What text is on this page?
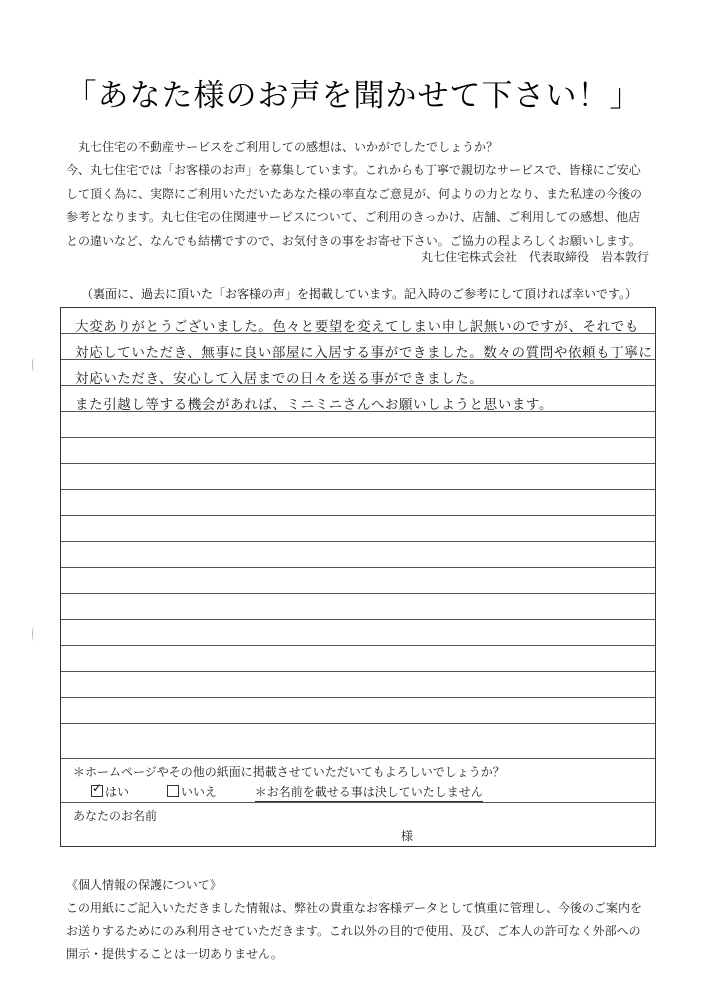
「あなた様のお声を聞かせて下さい！」

丸七住宅の不動産サービスをご利用しての感想は、いかがでしたでしょうか？

今、丸七住宅では「お客様のお声」を募集しています。これからも丁寧で親切なサービスで、皆様にご安心

して頂く為に、実際にご利用いただいたあなた様の率直なご意見が、何よりの力となり、また私達の今後の

参考となります。丸七住宅の住関連サービスについて、ご利用のきっかけ、店舗、ご利用しての感想、他店

との違いなど、なんでも結構ですので、お気付きの事をお寄せ下さい。ご協力の程よろしくお願いします。

丸七住宅株式会社　代表取締役　岩本敦行
（裏面に、過去に頂いた「お客様の声」を掲載しています。記入時のご参考にして頂ければ幸いです。）
大変ありがとうございました。色々と要望を変えてしまい申し訳無いのですが、それでも
対応していただき、無事に良い部屋に入居する事ができました。数々の質問や依頼も丁寧に
対応いただき、安心して入居までの日々を送る事ができました。
また引越し等する機会があれば、ミニミニさんへお願いしようと思います。
＊ホームページやその他の紙面に掲載させていただいてもよろしいでしょうか？
✓はい	いいえ	＊お名前を載せる事は決していたしません
あなたのお名前
様

《個人情報の保護について》

この用紙にご記入いただきました情報は、弊社の貴重なお客様データとして慎重に管理し、今後のご案内を

お送りするためにのみ利用させていただきます。これ以外の目的で使用、及び、ご本人の許可なく外部への

開示・提供することは一切ありません。
